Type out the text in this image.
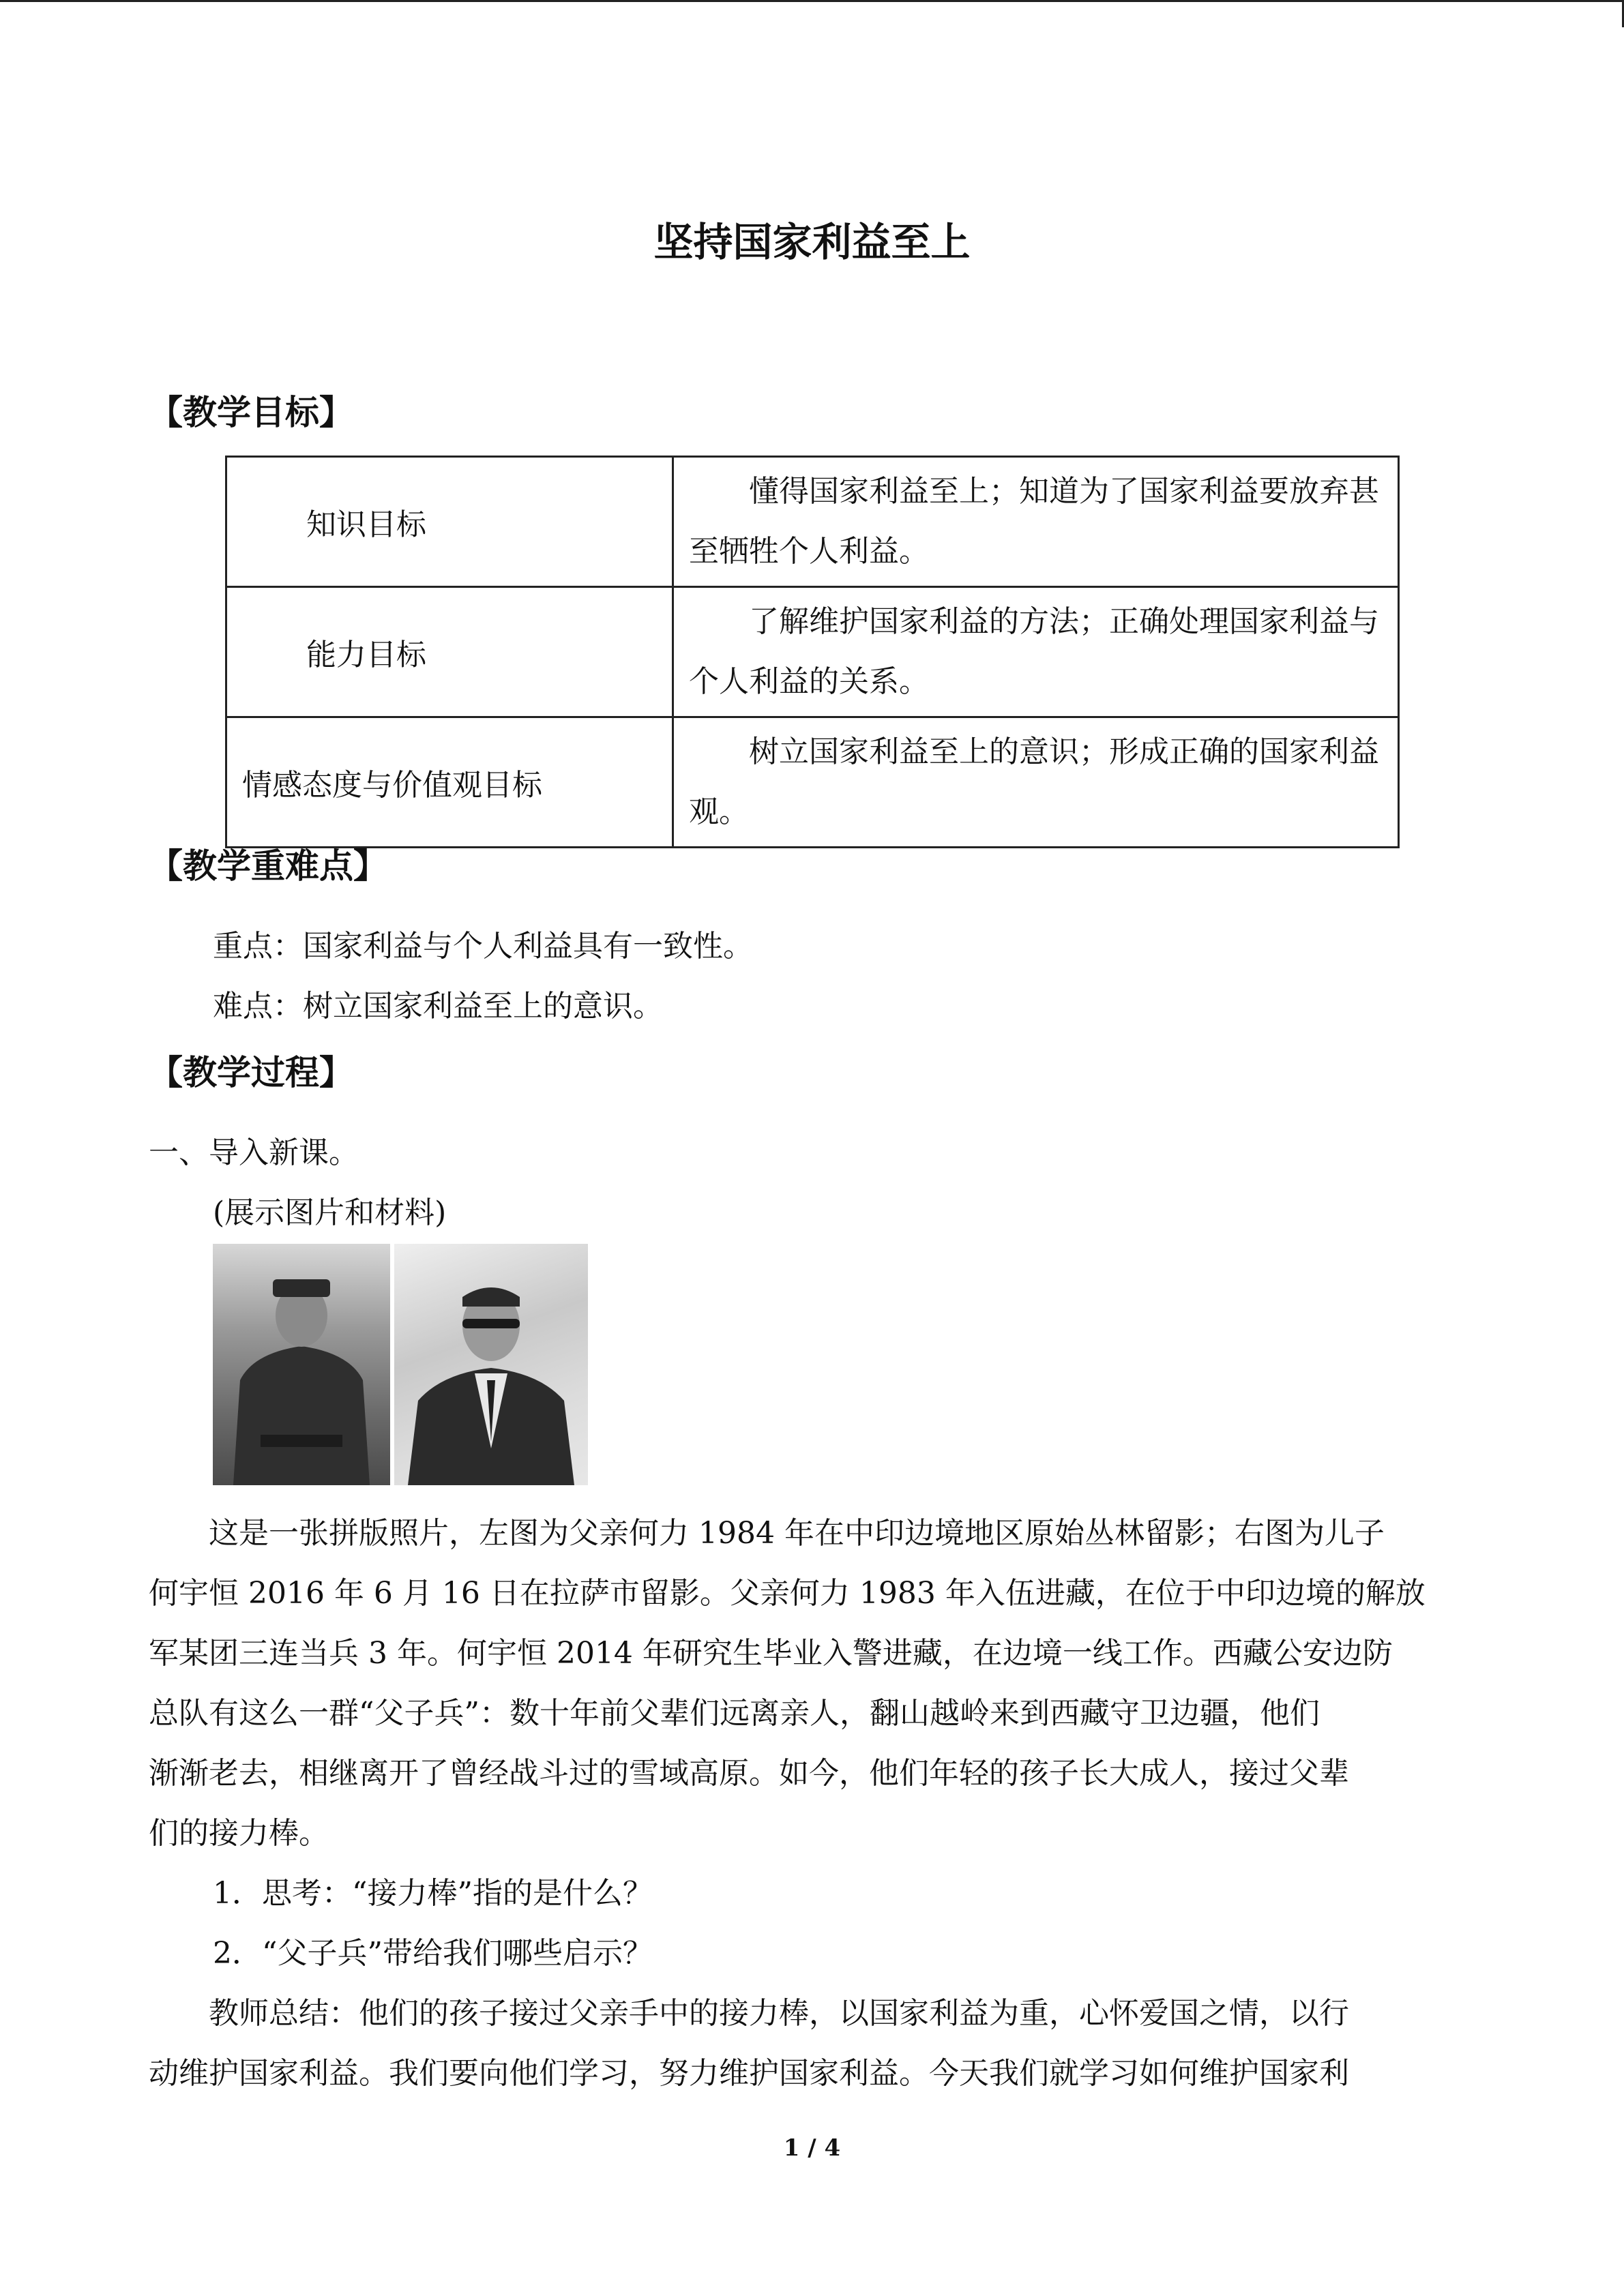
坚持国家利益至上
【教学目标】
知识目标	懂得国家利益至上；知道为了国家利益要放弃甚至牺牲个人利益。
能力目标	了解维护国家利益的方法；正确处理国家利益与个人利益的关系。
情感态度与价值观目标	树立国家利益至上的意识；形成正确的国家利益观。
【教学重难点】
重点：国家利益与个人利益具有一致性。
难点：树立国家利益至上的意识。
【教学过程】
一、导入新课。
(展示图片和材料)
　　这是一张拼版照片，左图为父亲何力 1984 年在中印边境地区原始丛林留影；右图为儿子
何宇恒 2016 年 6 月 16 日在拉萨市留影。父亲何力 1983 年入伍进藏，在位于中印边境的解放
军某团三连当兵 3 年。何宇恒 2014 年研究生毕业入警进藏，在边境一线工作。西藏公安边防
总队有这么一群“父子兵”：数十年前父辈们远离亲人，翻山越岭来到西藏守卫边疆，他们
渐渐老去，相继离开了曾经战斗过的雪域高原。如今，他们年轻的孩子长大成人，接过父辈
们的接力棒。
1．思考：“接力棒”指的是什么？
2．“父子兵”带给我们哪些启示？
　　教师总结：他们的孩子接过父亲手中的接力棒，以国家利益为重，心怀爱国之情，以行
动维护国家利益。我们要向他们学习，努力维护国家利益。今天我们就学习如何维护国家利
1 / 4
